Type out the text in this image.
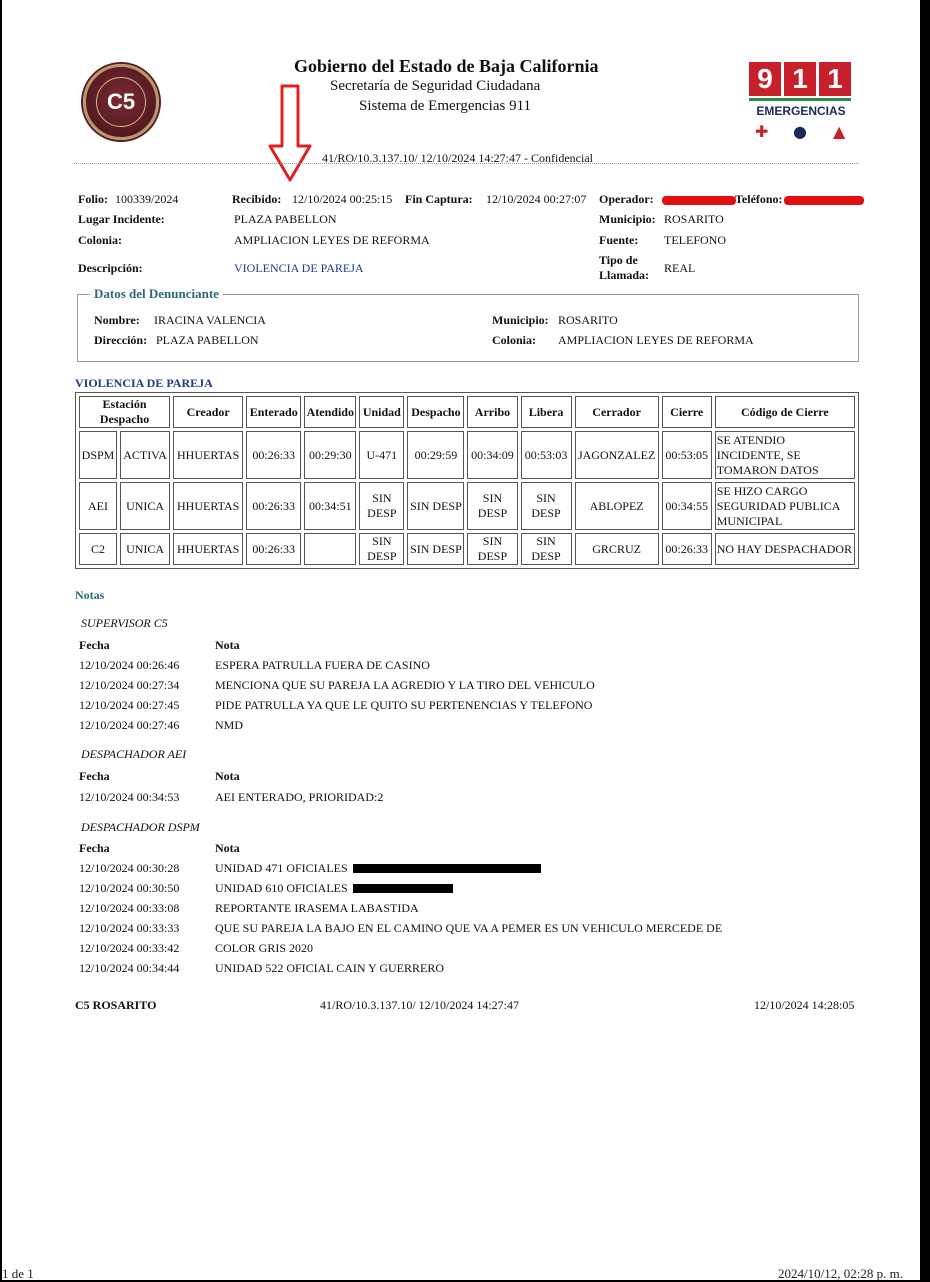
C5
9 1 1
EMERGENCIAS
✚ ● ▲
Gobierno del Estado de Baja California
Secretaría de Seguridad Ciudadana
Sistema de Emergencias 911
41/RO/10.3.137.10/ 12/10/2024 14:27:47 - Confidencial
Folio: 100339/2024	Recibido: 12/10/2024 00:25:15 Fin Captura: 12/10/2024 00:27:07 Operador:	Teléfono:
Lugar Incidente:	PLAZA PABELLON	Municipio: ROSARITO
Colonia:	AMPLIACION LEYES DE REFORMA	Fuente: TELEFONO
Descripción:	VIOLENCIA DE PAREJA
Tipo de
Llamada: REAL
Datos del Denunciante
Nombre: IRACINA VALENCIA	Municipio: ROSARITO
Dirección: PLAZA PABELLON	Colonia: AMPLIACION LEYES DE REFORMA
VIOLENCIA DE PAREJA
Estación Despacho		Creador	Enterado	Atendido	Unidad	Despacho	Arribo	Libera	Cerrador	Cierre	Código de Cierre
DSPM	ACTIVA	HHUERTAS	00:26:33	00:29:30	U-471	00:29:59	00:34:09	00:53:03	JAGONZALEZ	00:53:05	SE ATENDIO INCIDENTE, SE TOMARON DATOS
AEI	UNICA	HHUERTAS	00:26:33	00:34:51	SIN DESP	SIN DESP	SIN DESP	SIN DESP	ABLOPEZ	00:34:55	SE HIZO CARGO SEGURIDAD PUBLICA MUNICIPAL
C2	UNICA	HHUERTAS	00:26:33		SIN DESP	SIN DESP	SIN DESP	SIN DESP	GRCRUZ	00:26:33	NO HAY DESPACHADOR
Notas
SUPERVISOR C5
Fecha	Nota
12/10/2024 00:26:46	ESPERA PATRULLA FUERA DE CASINO
12/10/2024 00:27:34	MENCIONA QUE SU PAREJA LA AGREDIO Y LA TIRO DEL VEHICULO
12/10/2024 00:27:45	PIDE PATRULLA YA QUE LE QUITO SU PERTENENCIAS Y TELEFONO
12/10/2024 00:27:46	NMD
DESPACHADOR AEI
Fecha	Nota
12/10/2024 00:34:53	AEI ENTERADO, PRIORIDAD:2
DESPACHADOR DSPM
Fecha	Nota
12/10/2024 00:30:28	UNIDAD 471 OFICIALES
12/10/2024 00:30:50	UNIDAD 610 OFICIALES
12/10/2024 00:33:08	REPORTANTE IRASEMA LABASTIDA
12/10/2024 00:33:33	QUE SU PAREJA LA BAJO EN EL CAMINO QUE VA A PEMER ES UN VEHICULO MERCEDE DE
12/10/2024 00:33:42	COLOR GRIS 2020
12/10/2024 00:34:44	UNIDAD 522 OFICIAL CAIN Y GUERRERO
C5 ROSARITO	41/RO/10.3.137.10/ 12/10/2024 14:27:47	12/10/2024 14:28:05
1 de 1	2024/10/12, 02:28 p. m.
